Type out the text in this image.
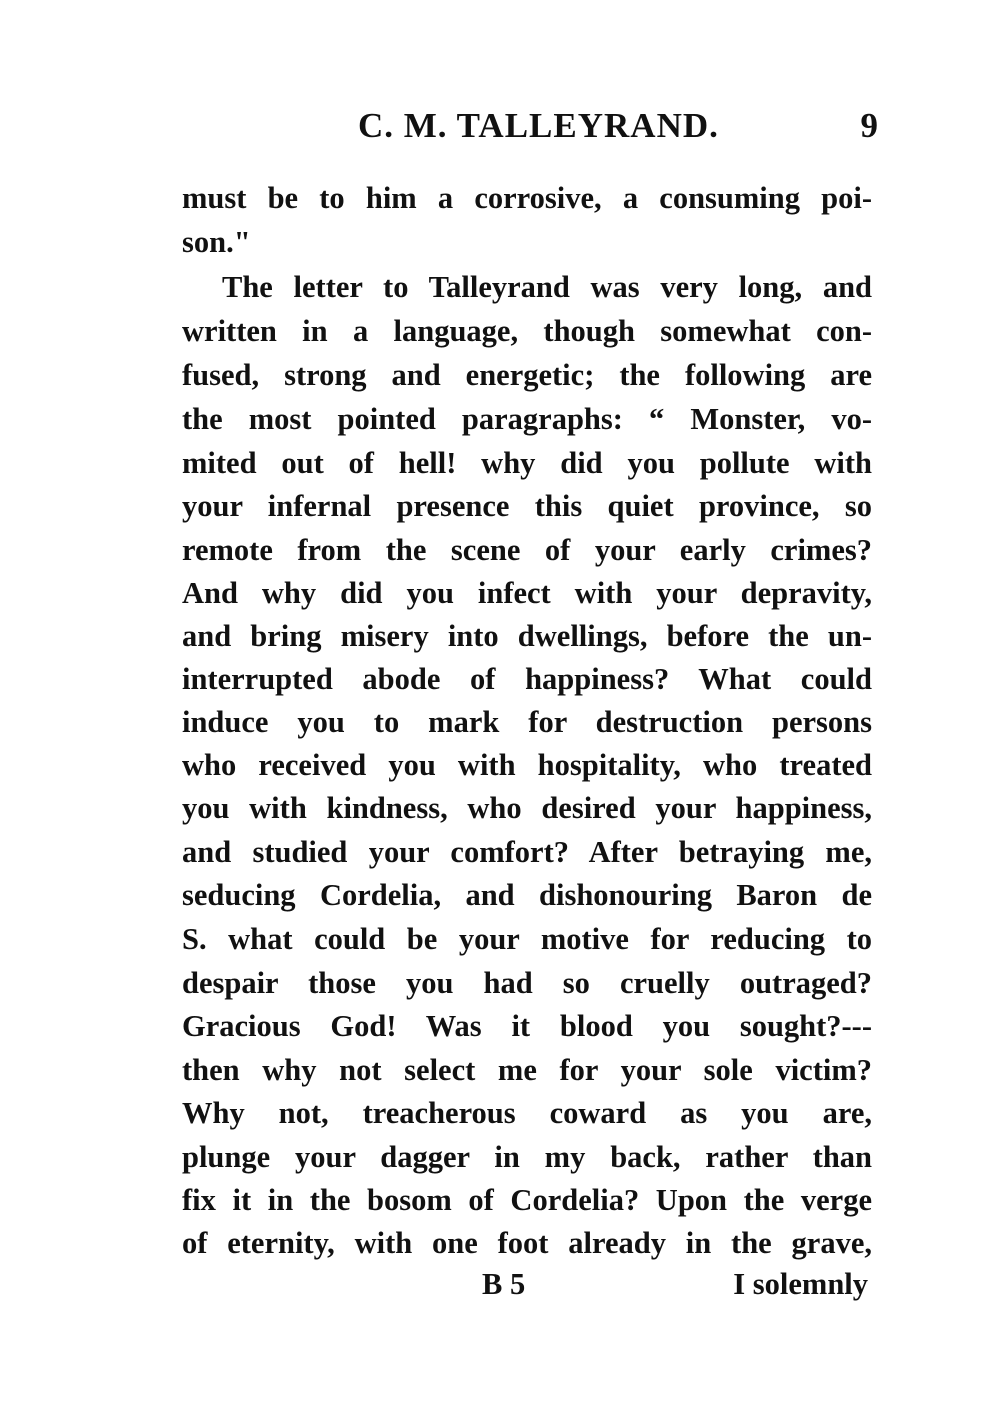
C. M. TALLEYRAND.	9
must be to him a corrosive, a consuming poi-
son."
The letter to Talleyrand was very long, and
written in a language, though somewhat con-
fused, strong and energetic; the following are
the most pointed paragraphs: “ Monster, vo-
mited out of hell! why did you pollute with
your infernal presence this quiet province, so
remote from the scene of your early crimes?
And why did you infect with your depravity,
and bring misery into dwellings, before the un-
interrupted abode of happiness? What could
induce you to mark for destruction persons
who received you with hospitality, who treated
you with kindness, who desired your happiness,
and studied your comfort? After betraying me,
seducing Cordelia, and dishonouring Baron de
S. what could be your motive for reducing to
despair those you had so cruelly outraged?
Gracious God! Was it blood you sought?---
then why not select me for your sole victim?
Why not, treacherous coward as you are,
plunge your dagger in my back, rather than
fix it in the bosom of Cordelia? Upon the verge
of eternity, with one foot already in the grave,
B 5	I solemnly
